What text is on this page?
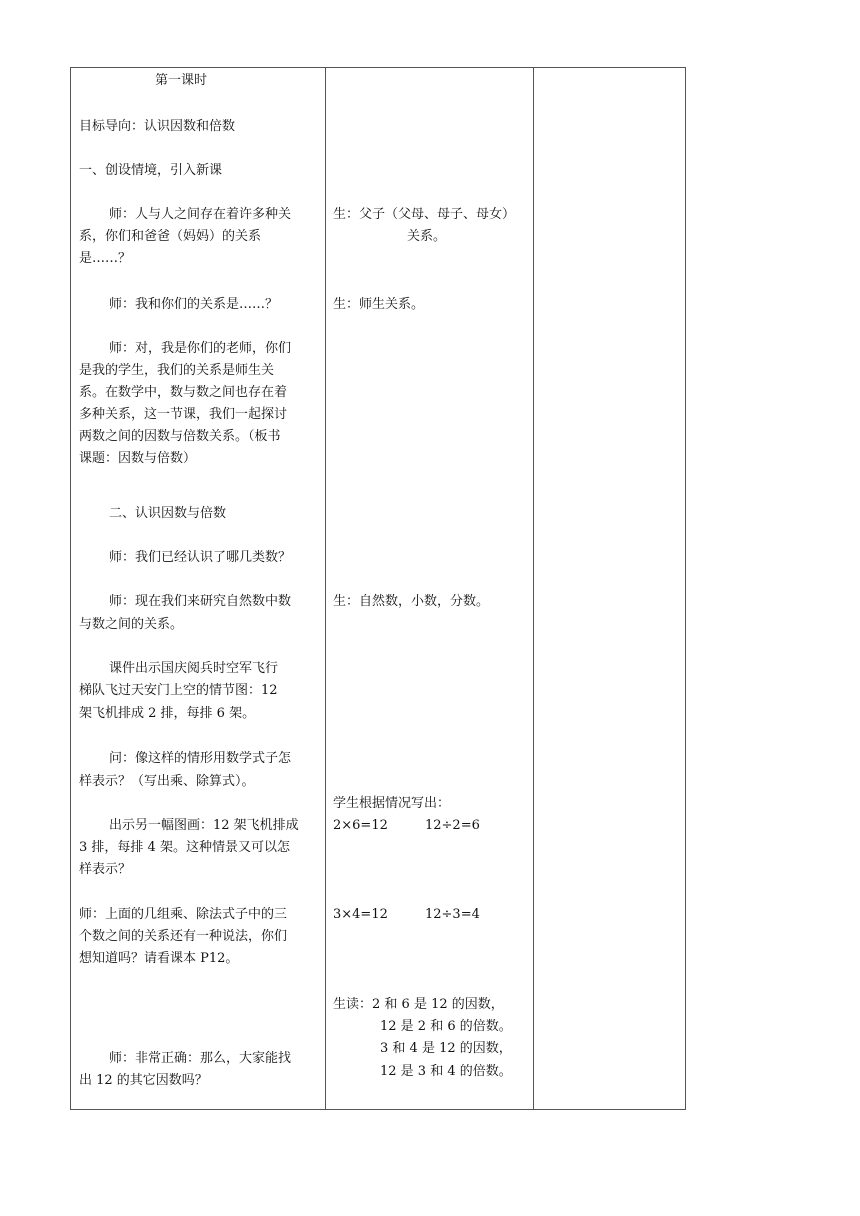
第一课时
目标导向：认识因数和倍数
一、创设情境，引入新课
师：人与人之间存在着许多种关
系，你们和爸爸（妈妈）的关系
是……？
师：我和你们的关系是……？
师：对，我是你们的老师，你们
是我的学生，我们的关系是师生关
系。在数学中，数与数之间也存在着
多种关系，这一节课，我们一起探讨
两数之间的因数与倍数关系。（板书
课题：因数与倍数）
二、认识因数与倍数
师：我们已经认识了哪几类数？
师：现在我们来研究自然数中数
与数之间的关系。
课件出示国庆阅兵时空军飞行
梯队飞过天安门上空的情节图：12
架飞机排成 2 排，每排 6 架。
问：像这样的情形用数学式子怎
样表示？（写出乘、除算式）。
出示另一幅图画：12 架飞机排成
3 排，每排 4 架。这种情景又可以怎
样表示？
师：上面的几组乘、除法式子中的三
个数之间的关系还有一种说法，你们
想知道吗？请看课本 P12。
师：非常正确：那么，大家能找
出 12 的其它因数吗？
生：父子（父母、母子、母女）
关系。
生：师生关系。
生：自然数，小数，分数。
学生根据情况写出：
2×6=12	12÷2=6
3×4=12	12÷3=4
生读：2 和 6 是 12 的因数，
12 是 2 和 6 的倍数。
3 和 4 是 12 的因数，
12 是 3 和 4 的倍数。
